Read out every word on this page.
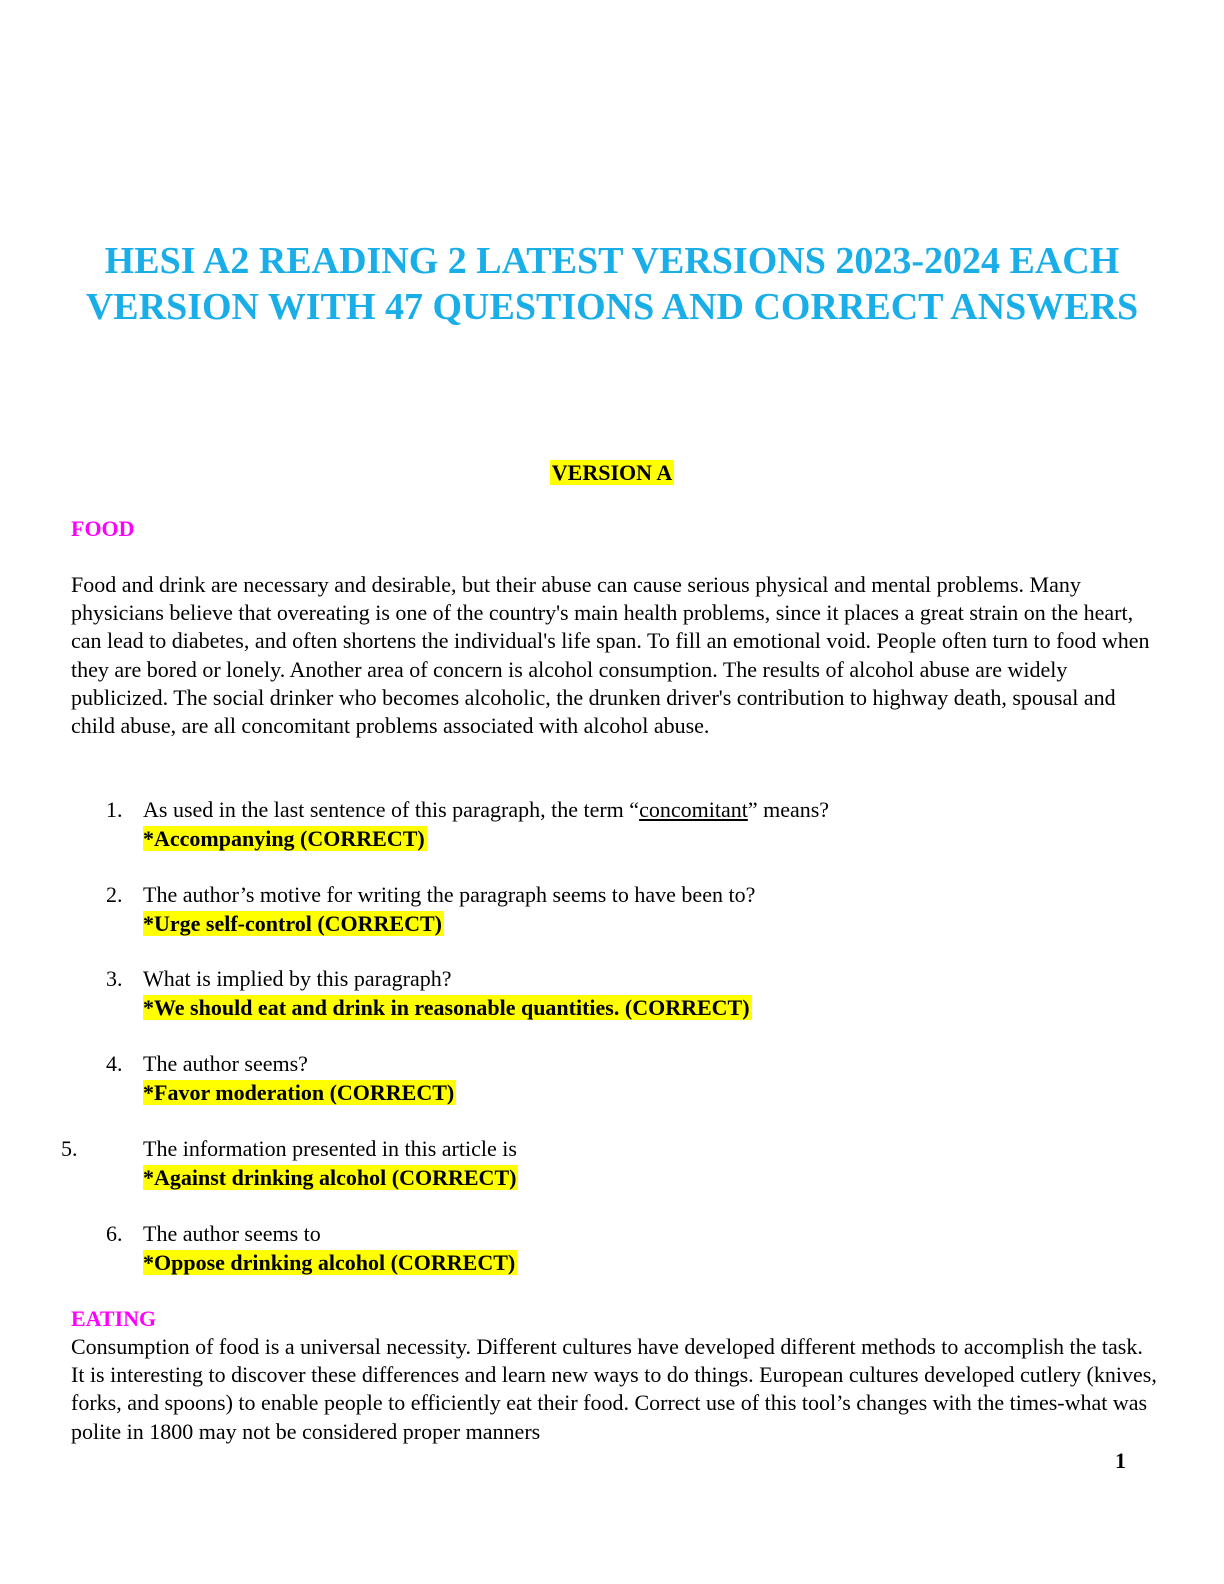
HESI A2 READING 2 LATEST VERSIONS 2023-2024 EACH VERSION WITH 47 QUESTIONS AND CORRECT ANSWERS
VERSION A
FOOD
Food and drink are necessary and desirable, but their abuse can cause serious physical and mental problems. Many physicians believe that overeating is one of the country's main health problems, since it places a great strain on the heart, can lead to diabetes, and often shortens the individual's life span. To fill an emotional void. People often turn to food when they are bored or lonely. Another area of concern is alcohol consumption. The results of alcohol abuse are widely publicized. The social drinker who becomes alcoholic, the drunken driver's contribution to highway death, spousal and child abuse, are all concomitant problems associated with alcohol abuse.
1. As used in the last sentence of this paragraph, the term “concomitant” means?
*Accompanying (CORRECT)
2. The author’s motive for writing the paragraph seems to have been to?
*Urge self-control (CORRECT)
3. What is implied by this paragraph?
*We should eat and drink in reasonable quantities. (CORRECT)
4. The author seems?
*Favor moderation (CORRECT)
5.	The information presented in this article is
*Against drinking alcohol (CORRECT)
6. The author seems to
*Oppose drinking alcohol (CORRECT)
EATING
Consumption of food is a universal necessity. Different cultures have developed different methods to accomplish the task. It is interesting to discover these differences and learn new ways to do things. European cultures developed cutlery (knives, forks, and spoons) to enable people to efficiently eat their food. Correct use of this tool’s changes with the times-what was polite in 1800 may not be considered proper manners
1
